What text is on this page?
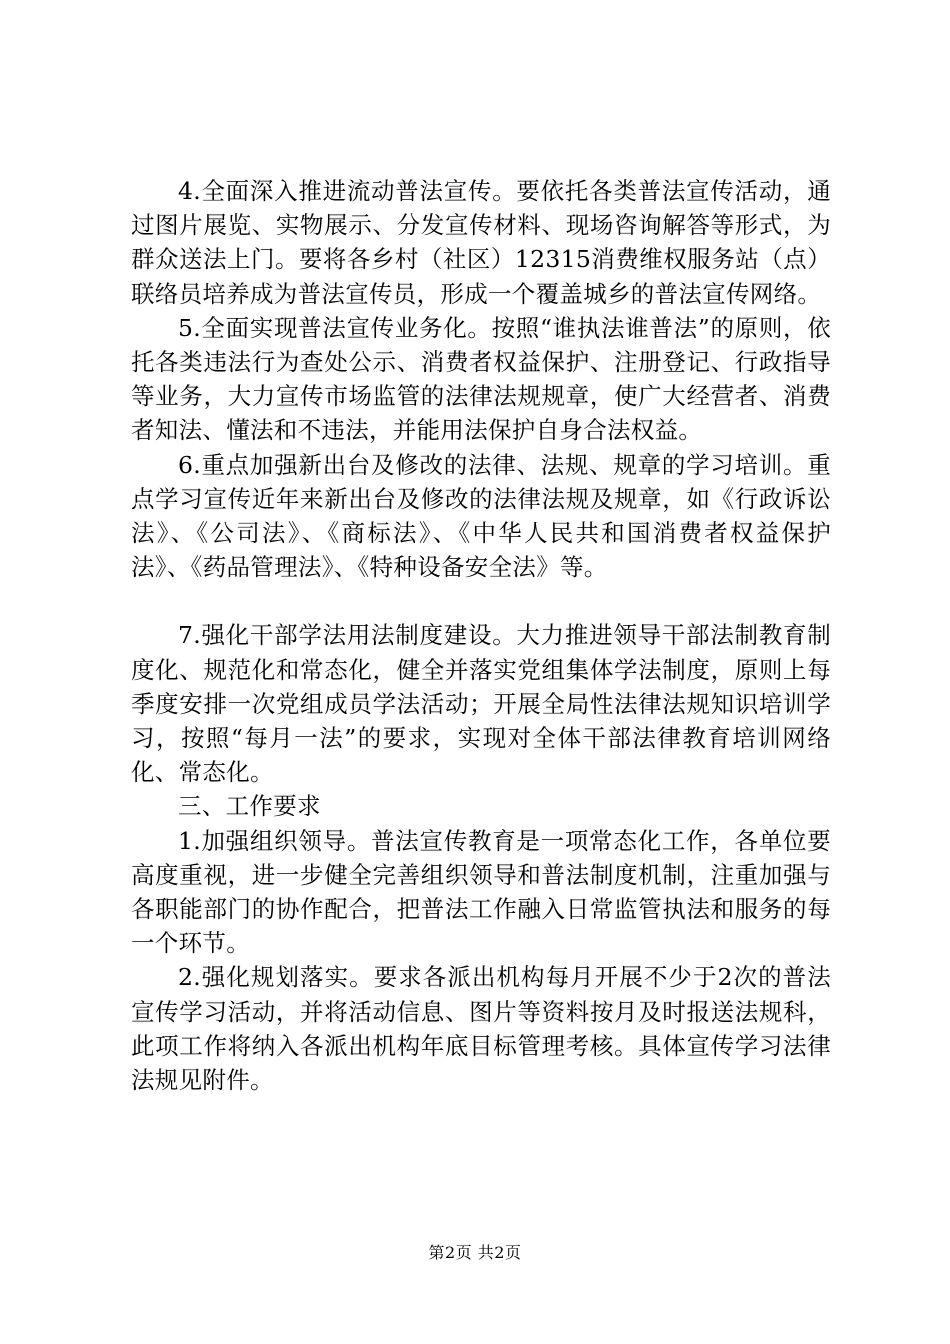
4.全面深入推进流动普法宣传。要依托各类普法宣传活动，通过图片展览、实物展示、分发宣传材料、现场咨询解答等形式，为群众送法上门。要将各乡村（社区）12315消费维权服务站（点）联络员培养成为普法宣传员，形成一个覆盖城乡的普法宣传网络。

5.全面实现普法宣传业务化。按照“谁执法谁普法”的原则，依托各类违法行为查处公示、消费者权益保护、注册登记、行政指导等业务，大力宣传市场监管的法律法规规章，使广大经营者、消费者知法、懂法和不违法，并能用法保护自身合法权益。

6.重点加强新出台及修改的法律、法规、规章的学习培训。重点学习宣传近年来新出台及修改的法律法规及规章，如《行政诉讼法》、《公司法》、《商标法》、《中华人民共和国消费者权益保护法》、《药品管理法》、《特种设备安全法》等。

7.强化干部学法用法制度建设。大力推进领导干部法制教育制度化、规范化和常态化，健全并落实党组集体学法制度，原则上每季度安排一次党组成员学法活动；开展全局性法律法规知识培训学习，按照“每月一法”的要求，实现对全体干部法律教育培训网络化、常态化。

三、工作要求

1.加强组织领导。普法宣传教育是一项常态化工作，各单位要高度重视，进一步健全完善组织领导和普法制度机制，注重加强与各职能部门的协作配合，把普法工作融入日常监管执法和服务的每一个环节。

2.强化规划落实。要求各派出机构每月开展不少于2次的普法宣传学习活动，并将活动信息、图片等资料按月及时报送法规科，此项工作将纳入各派出机构年底目标管理考核。具体宣传学习法律法规见附件。

第2页 共2页
